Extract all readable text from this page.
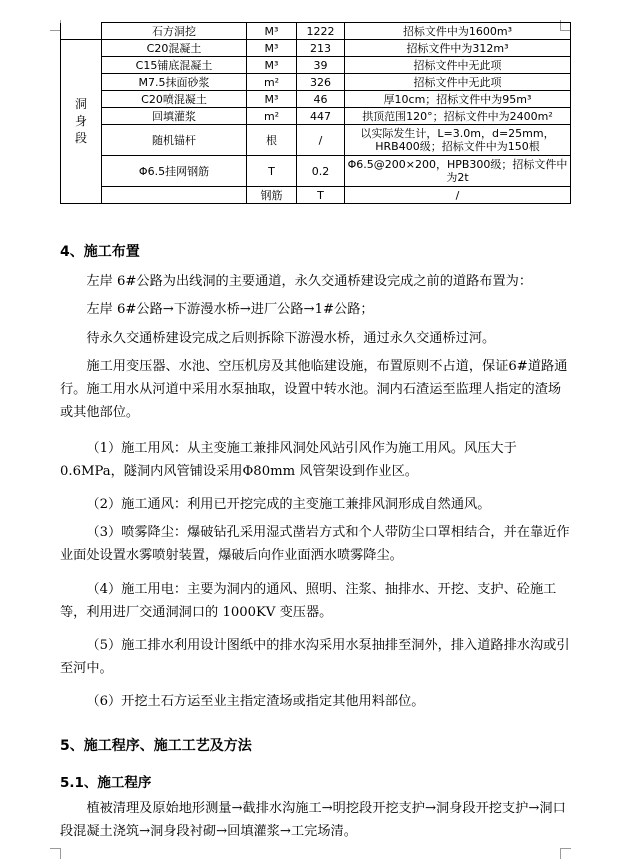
	石方洞挖	M³	1222	招标文件中为1600m³	
洞身段	C20混凝土	M³	213	招标文件中为312m³	
	C15铺底混凝土	M³	39	招标文件中无此项	
	M7.5抹面砂浆	m²	326	招标文件中无此项	
	C20喷混凝土	M³	46	厚10cm；招标文件中为95m³	
	回填灌浆	m²	447	拱顶范围120°；招标文件中为2400m²	
	随机锚杆	根	/	以实际发生计，L=3.0m，d=25mm，HRB400级；招标文件中为150根	
	Φ6.5挂网钢筋	T	0.2	Φ6.5@200×200，HPB300级；招标文件中为2t	
		钢筋	T	/	
4、施工布置

左岸 6#公路为出线洞的主要通道，永久交通桥建设完成之前的道路布置为：

左岸 6#公路→下游漫水桥→进厂公路→1#公路；

待永久交通桥建设完成之后则拆除下游漫水桥，通过永久交通桥过河。

施工用变压器、水池、空压机房及其他临建设施，布置原则不占道，保证6#道路通行。施工用水从河道中采用水泵抽取，设置中转水池。洞内石渣运至监理人指定的渣场或其他部位。

（1）施工用风：从主变施工兼排风洞处风站引风作为施工用风。风压大于0.6MPa，隧洞内风管铺设采用Φ80mm 风管架设到作业区。

（2）施工通风：利用已开挖完成的主变施工兼排风洞形成自然通风。

（3）喷雾降尘：爆破钻孔采用湿式凿岩方式和个人带防尘口罩相结合，并在靠近作业面处设置水雾喷射装置，爆破后向作业面洒水喷雾降尘。

（4）施工用电：主要为洞内的通风、照明、注浆、抽排水、开挖、支护、砼施工等，利用进厂交通洞洞口的 1000KV 变压器。

（5）施工排水利用设计图纸中的排水沟采用水泵抽排至洞外，排入道路排水沟或引至河中。

（6）开挖土石方运至业主指定渣场或指定其他用料部位。

5、施工程序、施工工艺及方法
5.1、施工程序

植被清理及原始地形测量→截排水沟施工→明挖段开挖支护→洞身段开挖支护→洞口段混凝土浇筑→洞身段衬砌→回填灌浆→工完场清。
